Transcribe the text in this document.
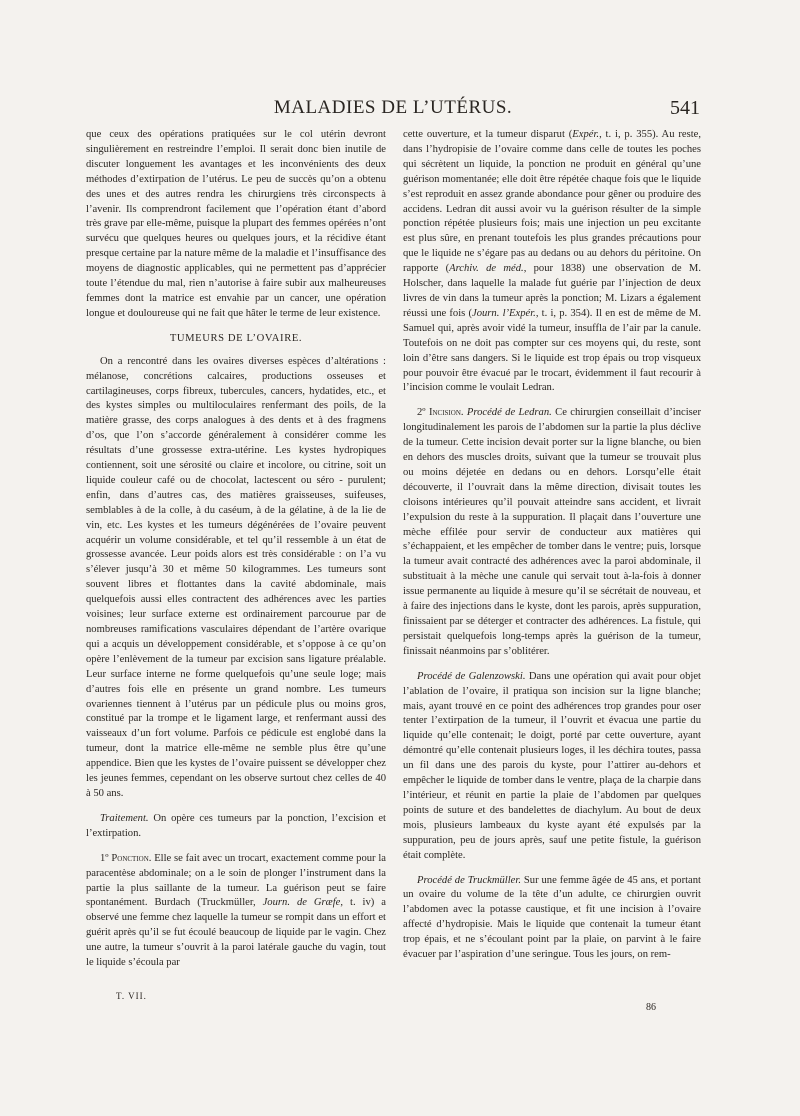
MALADIES DE L’UTÉRUS.	541

que ceux des opérations pratiquées sur le col utérin devront singulièrement en restreindre l’emploi. Il serait donc bien inutile de discuter longuement les avantages et les inconvénients des deux méthodes d’extirpation de l’utérus. Le peu de succès qu’on a obtenu des unes et des autres rendra les chirurgiens très circonspects à l’avenir. Ils comprendront facilement que l’opération étant d’abord très grave par elle-même, puisque la plupart des femmes opérées n’ont survécu que quelques heures ou quelques jours, et la récidive étant presque certaine par la nature même de la maladie et l’insuffisance des moyens de diagnostic applicables, qui ne permettent pas d’apprécier toute l’étendue du mal, rien n’autorise à faire subir aux malheureuses femmes dont la matrice est envahie par un cancer, une opération longue et douloureuse qui ne fait que hâter le terme de leur existence.

TUMEURS DE L’OVAIRE.

On a rencontré dans les ovaires diverses espèces d’altérations : mélanose, concrétions calcaires, productions osseuses et cartilagineuses, corps fibreux, tubercules, cancers, hydatides, etc., et des kystes simples ou multiloculaires renfermant des poils, de la matière grasse, des corps analogues à des dents et à des fragmens d’os, que l’on s’accorde généralement à considérer comme les résultats d’une grossesse extra-utérine. Les kystes hydropiques contiennent, soit une sérosité ou claire et incolore, ou citrine, soit un liquide couleur café ou de chocolat, lactescent ou séro - purulent; enfin, dans d’autres cas, des matières graisseuses, suifeuses, semblables à de la colle, à du caséum, à de la gélatine, à de la lie de vin, etc. Les kystes et les tumeurs dégénérées de l’ovaire peuvent acquérir un volume considérable, et tel qu’il ressemble à un état de grossesse avancée. Leur poids alors est très considérable : on l’a vu s’élever jusqu’à 30 et même 50 kilogrammes. Les tumeurs sont souvent libres et flottantes dans la cavité abdominale, mais quelquefois aussi elles contractent des adhérences avec les parties voisines; leur surface externe est ordinairement parcourue par de nombreuses ramifications vasculaires dépendant de l’artère ovarique qui a acquis un développement considérable, et s’oppose à ce qu’on opère l’enlèvement de la tumeur par excision sans ligature préalable. Leur surface interne ne forme quelquefois qu’une seule loge; mais d’autres fois elle en présente un grand nombre. Les tumeurs ovariennes tiennent à l’utérus par un pédicule plus ou moins gros, constitué par la trompe et le ligament large, et renfermant aussi des vaisseaux d’un fort volume. Parfois ce pédicule est englobé dans la tumeur, dont la matrice elle-même ne semble plus être qu’une appendice. Bien que les kystes de l’ovaire puissent se développer chez les jeunes femmes, cependant on les observe surtout chez celles de 40 à 50 ans.

Traitement. On opère ces tumeurs par la ponction, l’excision et l’extirpation.

1º Ponction. Elle se fait avec un trocart, exactement comme pour la paracentèse abdominale; on a le soin de plonger l’instrument dans la partie la plus saillante de la tumeur. La guérison peut se faire spontanément. Burdach (Truckmüller, Journ. de Græfe, t. iv) a observé une femme chez laquelle la tumeur se rompit dans un effort et guérit après qu’il se fut écoulé beaucoup de liquide par le vagin. Chez une autre, la tumeur s’ouvrit à la paroi latérale gauche du vagin, tout le liquide s’écoula par

cette ouverture, et la tumeur disparut (Expér., t. i, p. 355). Au reste, dans l’hydropisie de l’ovaire comme dans celle de toutes les poches qui sécrètent un liquide, la ponction ne produit en général qu’une guérison momentanée; elle doit être répétée chaque fois que le liquide s’est reproduit en assez grande abondance pour gêner ou produire des accidens. Ledran dit aussi avoir vu la guérison résulter de la simple ponction répétée plusieurs fois; mais une injection un peu excitante est plus sûre, en prenant toutefois les plus grandes précautions pour que le liquide ne s’égare pas au dedans ou au dehors du péritoine. On rapporte (Archiv. de méd., pour 1838) une observation de M. Holscher, dans laquelle la malade fut guérie par l’injection de deux livres de vin dans la tumeur après la ponction; M. Lizars a également réussi une fois (Journ. l’Expér., t. i, p. 354). Il en est de même de M. Samuel qui, après avoir vidé la tumeur, insuffla de l’air par la canule. Toutefois on ne doit pas compter sur ces moyens qui, du reste, sont loin d’être sans dangers. Si le liquide est trop épais ou trop visqueux pour pouvoir être évacué par le trocart, évidemment il faut recourir à l’incision comme le voulait Ledran.

2º Incision. Procédé de Ledran. Ce chirurgien conseillait d’inciser longitudinalement les parois de l’abdomen sur la partie la plus déclive de la tumeur. Cette incision devait porter sur la ligne blanche, ou bien en dehors des muscles droits, suivant que la tumeur se trouvait plus ou moins déjetée en dedans ou en dehors. Lorsqu’elle était découverte, il l’ouvrait dans la même direction, divisait toutes les cloisons intérieures qu’il pouvait atteindre sans accident, et livrait l’expulsion du reste à la suppuration. Il plaçait dans l’ouverture une mèche effilée pour servir de conducteur aux matières qui s’échappaient, et les empêcher de tomber dans le ventre; puis, lorsque la tumeur avait contracté des adhérences avec la paroi abdominale, il substituait à la mèche une canule qui servait tout à-la-fois à donner issue permanente au liquide à mesure qu’il se sécrétait de nouveau, et à faire des injections dans le kyste, dont les parois, après suppuration, finissaient par se déterger et contracter des adhérences. La fistule, qui persistait quelquefois long-temps après la guérison de la tumeur, finissait néanmoins par s’oblitérer.

Procédé de Galenzowski. Dans une opération qui avait pour objet l’ablation de l’ovaire, il pratiqua son incision sur la ligne blanche; mais, ayant trouvé en ce point des adhérences trop grandes pour oser tenter l’extirpation de la tumeur, il l’ouvrit et évacua une partie du liquide qu’elle contenait; le doigt, porté par cette ouverture, ayant démontré qu’elle contenait plusieurs loges, il les déchira toutes, passa un fil dans une des parois du kyste, pour l’attirer au-dehors et empêcher le liquide de tomber dans le ventre, plaça de la charpie dans l’intérieur, et réunit en partie la plaie de l’abdomen par quelques points de suture et des bandelettes de diachylum. Au bout de deux mois, plusieurs lambeaux du kyste ayant été expulsés par la suppuration, peu de jours après, sauf une petite fistule, la guérison était complète.

Procédé de Truckmüller. Sur une femme âgée de 45 ans, et portant un ovaire du volume de la tête d’un adulte, ce chirurgien ouvrit l’abdomen avec la potasse caustique, et fit une incision à l’ovaire affecté d’hydropisie. Mais le liquide que contenait la tumeur étant trop épais, et ne s’écoulant point par la plaie, on parvint à le faire évacuer par l’aspiration d’une seringue. Tous les jours, on rem-

T. VII.
86
